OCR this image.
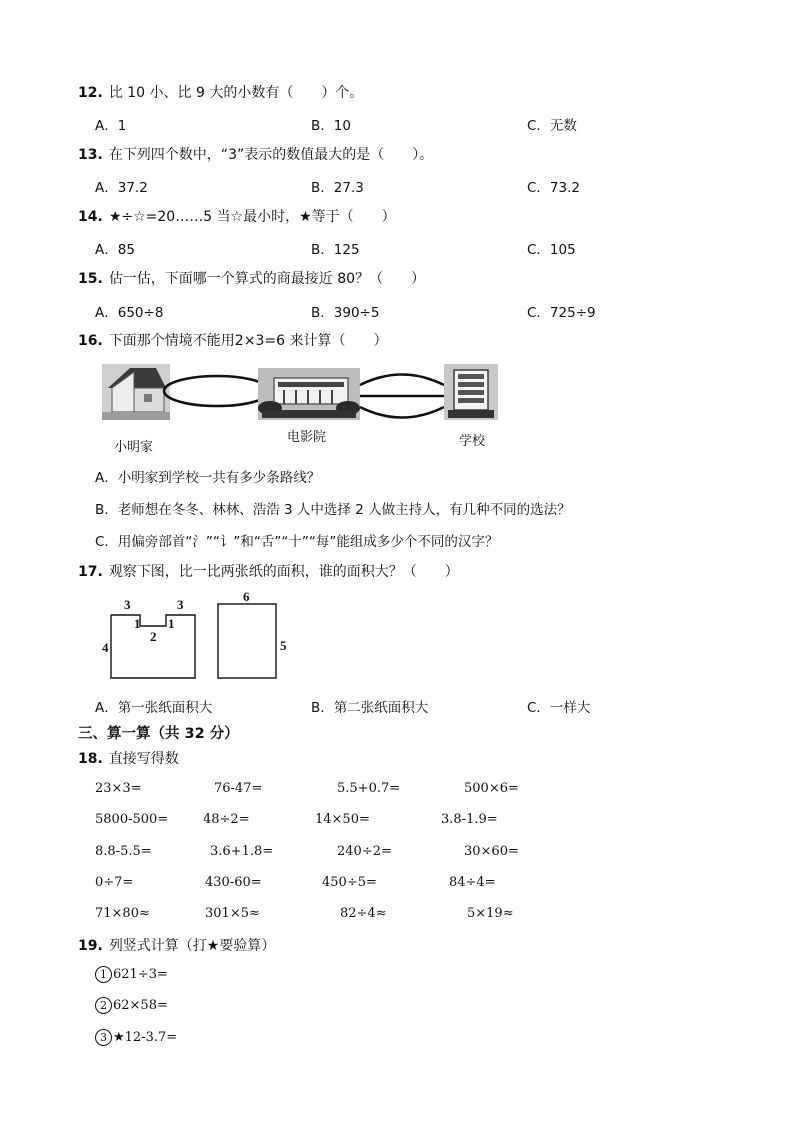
12. 比 10 小、比 9 大的小数有（　　）个。
A．1	B．10	C．无数
13. 在下列四个数中，“3”表示的数值最大的是（　　）。
A．37.2	B．27.3	C．73.2
14. ★÷☆=20……5 当☆最小时，★等于（　　）
A．85	B．125	C．105
15. 估一估，下面哪一个算式的商最接近 80？（　　）
A．650÷8	B．390÷5	C．725÷9
16. 下面那个情境不能用2×3=6 来计算（　　）
小明家
电影院	学校
A．小明家到学校一共有多少条路线？
B．老师想在冬冬、林林、浩浩 3 人中选择 2 人做主持人，有几种不同的选法？
C．用偏旁部首“氵”“讠”和“舌”“十”“每”能组成多少个不同的汉字？
17. 观察下图，比一比两张纸的面积，谁的面积大？（　　）
3	3
1 1
2
4
6
5
A．第一张纸面积大	B．第二张纸面积大	C．一样大
三、算一算（共 32 分）
18. 直接写得数
23×3=	76-47=	5.5+0.7=	500×6=
5800-500=	48÷2=	14×50=	3.8-1.9=
8.8-5.5=	3.6+1.8=	240÷2=	30×60=
0÷7=	430-60=	450÷5=	84÷4=
71×80≈	301×5≈	82÷4≈	5×19≈
19. 列竖式计算（打★要验算）
1 621÷3=
2 62×58=
3 ★12-3.7=
